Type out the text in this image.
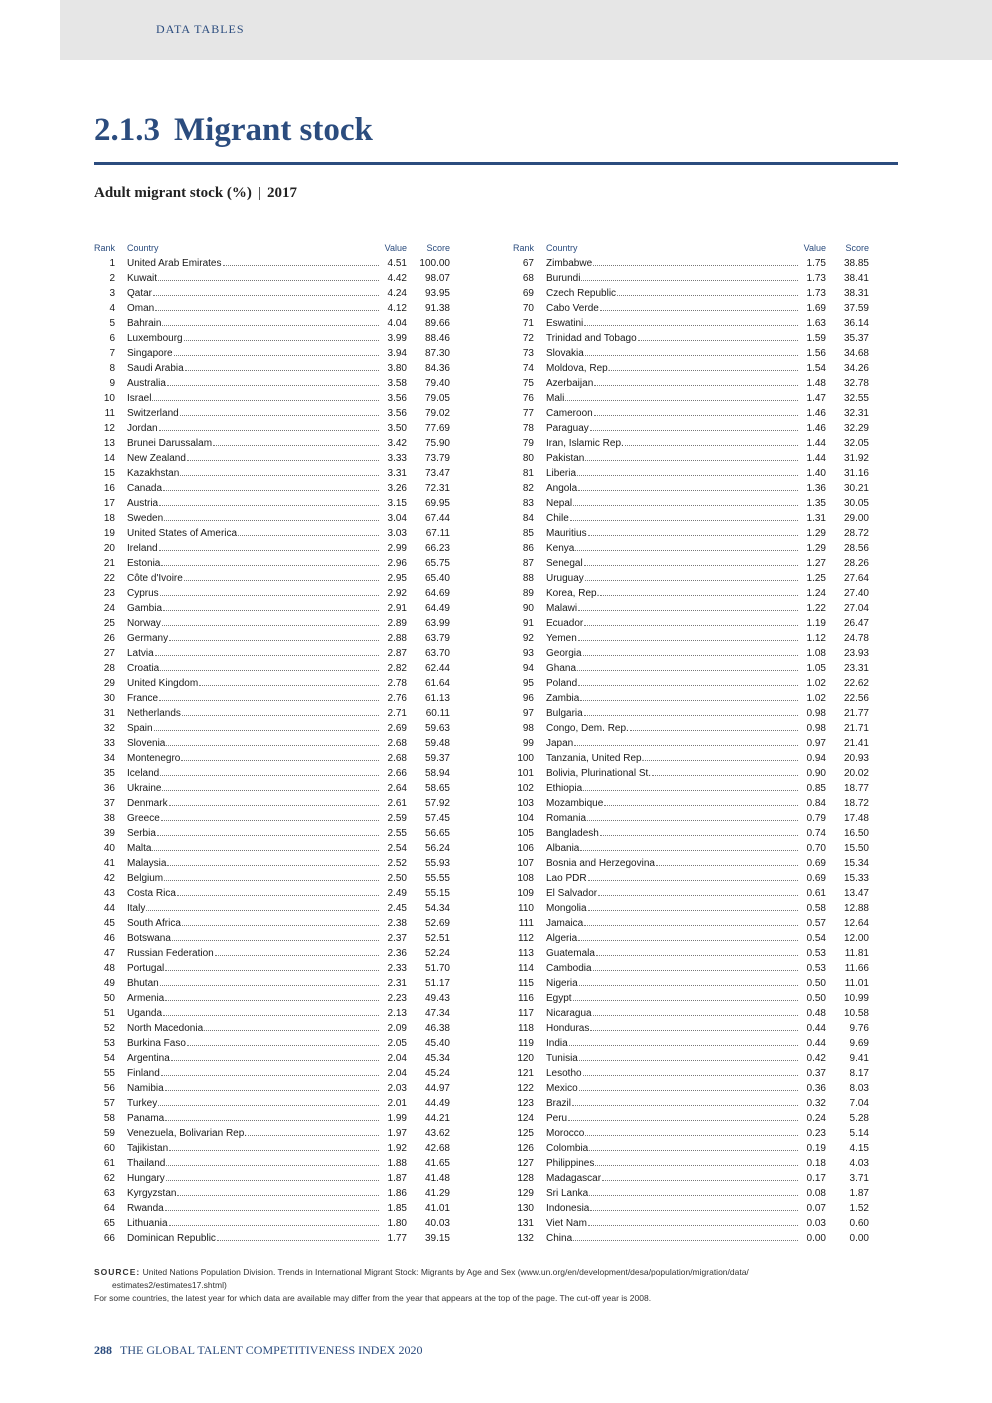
DATA TABLES
2.1.3 Migrant stock
Adult migrant stock (%) | 2017
Rank Country	Value	Score
1 United Arab Emirates	4.51	100.00
2 Kuwait	4.42	98.07
3 Qatar	4.24	93.95
4 Oman	4.12	91.38
5 Bahrain	4.04	89.66
6 Luxembourg	3.99	88.46
7 Singapore	3.94	87.30
8 Saudi Arabia	3.80	84.36
9 Australia	3.58	79.40
10 Israel	3.56	79.05
11 Switzerland	3.56	79.02
12 Jordan	3.50	77.69
13 Brunei Darussalam	3.42	75.90
14 New Zealand	3.33	73.79
15 Kazakhstan	3.31	73.47
16 Canada	3.26	72.31
17 Austria	3.15	69.95
18 Sweden	3.04	67.44
19 United States of America	3.03	67.11
20 Ireland	2.99	66.23
21 Estonia	2.96	65.75
22 Côte d'Ivoire	2.95	65.40
23 Cyprus	2.92	64.69
24 Gambia	2.91	64.49
25 Norway	2.89	63.99
26 Germany	2.88	63.79
27 Latvia	2.87	63.70
28 Croatia	2.82	62.44
29 United Kingdom	2.78	61.64
30 France	2.76	61.13
31 Netherlands	2.71	60.11
32 Spain	2.69	59.63
33 Slovenia	2.68	59.48
34 Montenegro	2.68	59.37
35 Iceland	2.66	58.94
36 Ukraine	2.64	58.65
37 Denmark	2.61	57.92
38 Greece	2.59	57.45
39 Serbia	2.55	56.65
40 Malta	2.54	56.24
41 Malaysia	2.52	55.93
42 Belgium	2.50	55.55
43 Costa Rica	2.49	55.15
44 Italy	2.45	54.34
45 South Africa	2.38	52.69
46 Botswana	2.37	52.51
47 Russian Federation	2.36	52.24
48 Portugal	2.33	51.70
49 Bhutan	2.31	51.17
50 Armenia	2.23	49.43
51 Uganda	2.13	47.34
52 North Macedonia	2.09	46.38
53 Burkina Faso	2.05	45.40
54 Argentina	2.04	45.34
55 Finland	2.04	45.24
56 Namibia	2.03	44.97
57 Turkey	2.01	44.49
58 Panama	1.99	44.21
59 Venezuela, Bolivarian Rep.	1.97	43.62
60 Tajikistan	1.92	42.68
61 Thailand	1.88	41.65
62 Hungary	1.87	41.48
63 Kyrgyzstan	1.86	41.29
64 Rwanda	1.85	41.01
65 Lithuania	1.80	40.03
66 Dominican Republic	1.77	39.15
Rank Country	Value	Score
67 Zimbabwe	1.75	38.85
68 Burundi	1.73	38.41
69 Czech Republic	1.73	38.31
70 Cabo Verde	1.69	37.59
71 Eswatini	1.63	36.14
72 Trinidad and Tobago	1.59	35.37
73 Slovakia	1.56	34.68
74 Moldova, Rep.	1.54	34.26
75 Azerbaijan	1.48	32.78
76 Mali	1.47	32.55
77 Cameroon	1.46	32.31
78 Paraguay	1.46	32.29
79 Iran, Islamic Rep.	1.44	32.05
80 Pakistan	1.44	31.92
81 Liberia	1.40	31.16
82 Angola	1.36	30.21
83 Nepal	1.35	30.05
84 Chile	1.31	29.00
85 Mauritius	1.29	28.72
86 Kenya	1.29	28.56
87 Senegal	1.27	28.26
88 Uruguay	1.25	27.64
89 Korea, Rep.	1.24	27.40
90 Malawi	1.22	27.04
91 Ecuador	1.19	26.47
92 Yemen	1.12	24.78
93 Georgia	1.08	23.93
94 Ghana	1.05	23.31
95 Poland	1.02	22.62
96 Zambia	1.02	22.56
97 Bulgaria	0.98	21.77
98 Congo, Dem. Rep.	0.98	21.71
99 Japan	0.97	21.41
100 Tanzania, United Rep.	0.94	20.93
101 Bolivia, Plurinational St.	0.90	20.02
102 Ethiopia	0.85	18.77
103 Mozambique	0.84	18.72
104 Romania	0.79	17.48
105 Bangladesh	0.74	16.50
106 Albania	0.70	15.50
107 Bosnia and Herzegovina	0.69	15.34
108 Lao PDR	0.69	15.33
109 El Salvador	0.61	13.47
110 Mongolia	0.58	12.88
111 Jamaica	0.57	12.64
112 Algeria	0.54	12.00
113 Guatemala	0.53	11.81
114 Cambodia	0.53	11.66
115 Nigeria	0.50	11.01
116 Egypt	0.50	10.99
117 Nicaragua	0.48	10.58
118 Honduras	0.44	9.76
119 India	0.44	9.69
120 Tunisia	0.42	9.41
121 Lesotho	0.37	8.17
122 Mexico	0.36	8.03
123 Brazil	0.32	7.04
124 Peru	0.24	5.28
125 Morocco	0.23	5.14
126 Colombia	0.19	4.15
127 Philippines	0.18	4.03
128 Madagascar	0.17	3.71
129 Sri Lanka	0.08	1.87
130 Indonesia	0.07	1.52
131 Viet Nam	0.03	0.60
132 China	0.00	0.00
SOURCE: United Nations Population Division. Trends in International Migrant Stock: Migrants by Age and Sex (www.un.org/en/development/desa/population/migration/data/
estimates2/estimates17.shtml)
For some countries, the latest year for which data are available may differ from the year that appears at the top of the page. The cut-off year is 2008.
288 THE GLOBAL TALENT COMPETITIVENESS INDEX 2020
